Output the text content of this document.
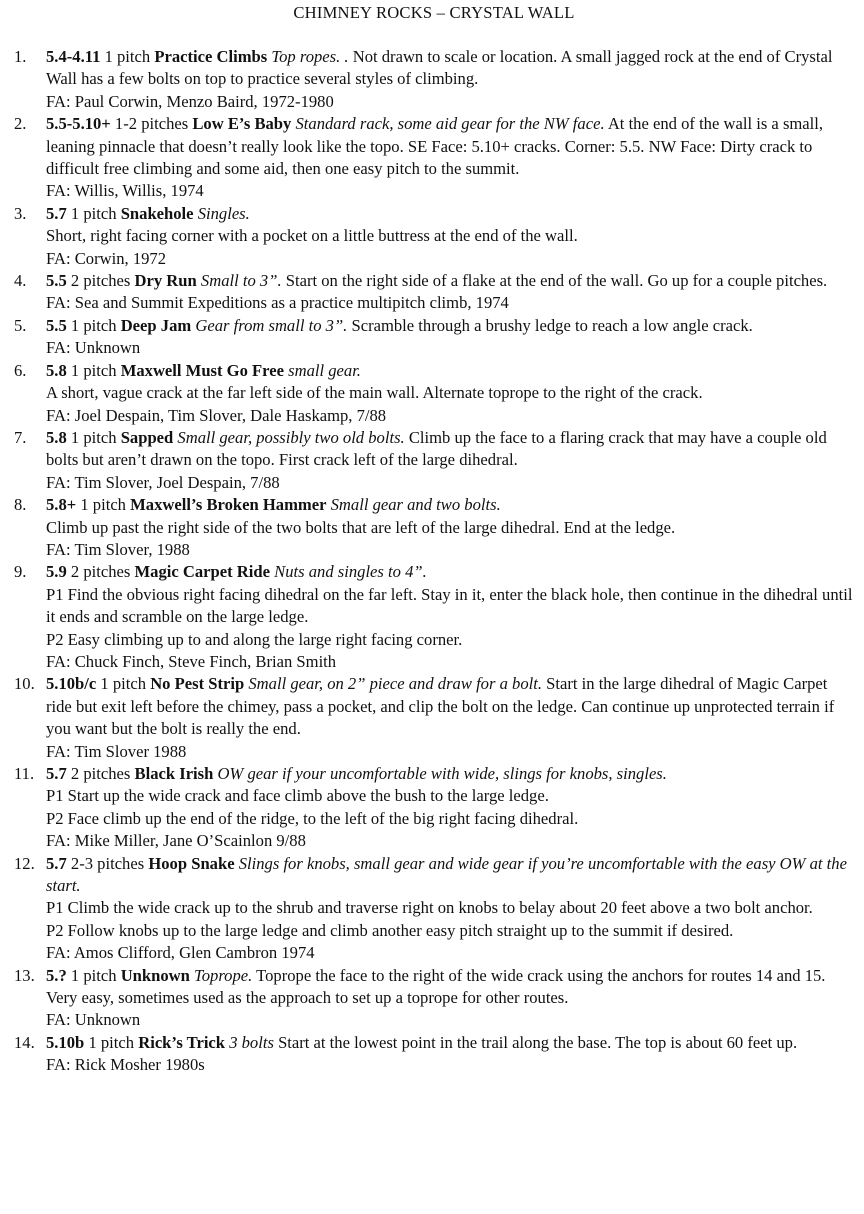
CHIMNEY ROCKS – CRYSTAL WALL
1. 5.4-4.11 1 pitch Practice Climbs Top ropes. . Not drawn to scale or location. A small jagged rock at the end of Crystal Wall has a few bolts on top to practice several styles of climbing.
FA: Paul Corwin, Menzo Baird, 1972-1980
2. 5.5-5.10+ 1-2 pitches Low E’s Baby Standard rack, some aid gear for the NW face. At the end of the wall is a small, leaning pinnacle that doesn’t really look like the topo. SE Face: 5.10+ cracks. Corner: 5.5. NW Face: Dirty crack to difficult free climbing and some aid, then one easy pitch to the summit.
FA: Willis, Willis, 1974
3. 5.7 1 pitch Snakehole Singles.
Short, right facing corner with a pocket on a little buttress at the end of the wall.
FA: Corwin, 1972
4. 5.5 2 pitches Dry Run Small to 3”. Start on the right side of a flake at the end of the wall. Go up for a couple pitches.
FA: Sea and Summit Expeditions as a practice multipitch climb, 1974
5. 5.5 1 pitch Deep Jam Gear from small to 3”. Scramble through a brushy ledge to reach a low angle crack.
FA: Unknown
6. 5.8 1 pitch Maxwell Must Go Free small gear.
A short, vague crack at the far left side of the main wall. Alternate toprope to the right of the crack.
FA: Joel Despain, Tim Slover, Dale Haskamp, 7/88
7. 5.8 1 pitch Sapped Small gear, possibly two old bolts. Climb up the face to a flaring crack that may have a couple old bolts but aren’t drawn on the topo. First crack left of the large dihedral.
FA: Tim Slover, Joel Despain, 7/88
8. 5.8+ 1 pitch Maxwell’s Broken Hammer Small gear and two bolts.
Climb up past the right side of the two bolts that are left of the large dihedral. End at the ledge.
FA: Tim Slover, 1988
9. 5.9 2 pitches Magic Carpet Ride Nuts and singles to 4”.
P1 Find the obvious right facing dihedral on the far left. Stay in it, enter the black hole, then continue in the dihedral until it ends and scramble on the large ledge.
P2 Easy climbing up to and along the large right facing corner.
FA: Chuck Finch, Steve Finch, Brian Smith
10. 5.10b/c 1 pitch No Pest Strip Small gear, on 2” piece and draw for a bolt. Start in the large dihedral of Magic Carpet ride but exit left before the chimey, pass a pocket, and clip the bolt on the ledge. Can continue up unprotected terrain if you want but the bolt is really the end.
FA: Tim Slover 1988
11. 5.7 2 pitches Black Irish OW gear if your uncomfortable with wide, slings for knobs, singles.
P1 Start up the wide crack and face climb above the bush to the large ledge.
P2 Face climb up the end of the ridge, to the left of the big right facing dihedral.
FA: Mike Miller, Jane O’Scainlon 9/88
12. 5.7 2-3 pitches Hoop Snake Slings for knobs, small gear and wide gear if you’re uncomfortable with the easy OW at the start.
P1 Climb the wide crack up to the shrub and traverse right on knobs to belay about 20 feet above a two bolt anchor.
P2 Follow knobs up to the large ledge and climb another easy pitch straight up to the summit if desired.
FA: Amos Clifford, Glen Cambron 1974
13. 5.? 1 pitch Unknown Toprope. Toprope the face to the right of the wide crack using the anchors for routes 14 and 15. Very easy, sometimes used as the approach to set up a toprope for other routes.
FA: Unknown
14. 5.10b 1 pitch Rick’s Trick 3 bolts Start at the lowest point in the trail along the base. The top is about 60 feet up.
FA: Rick Mosher 1980s
